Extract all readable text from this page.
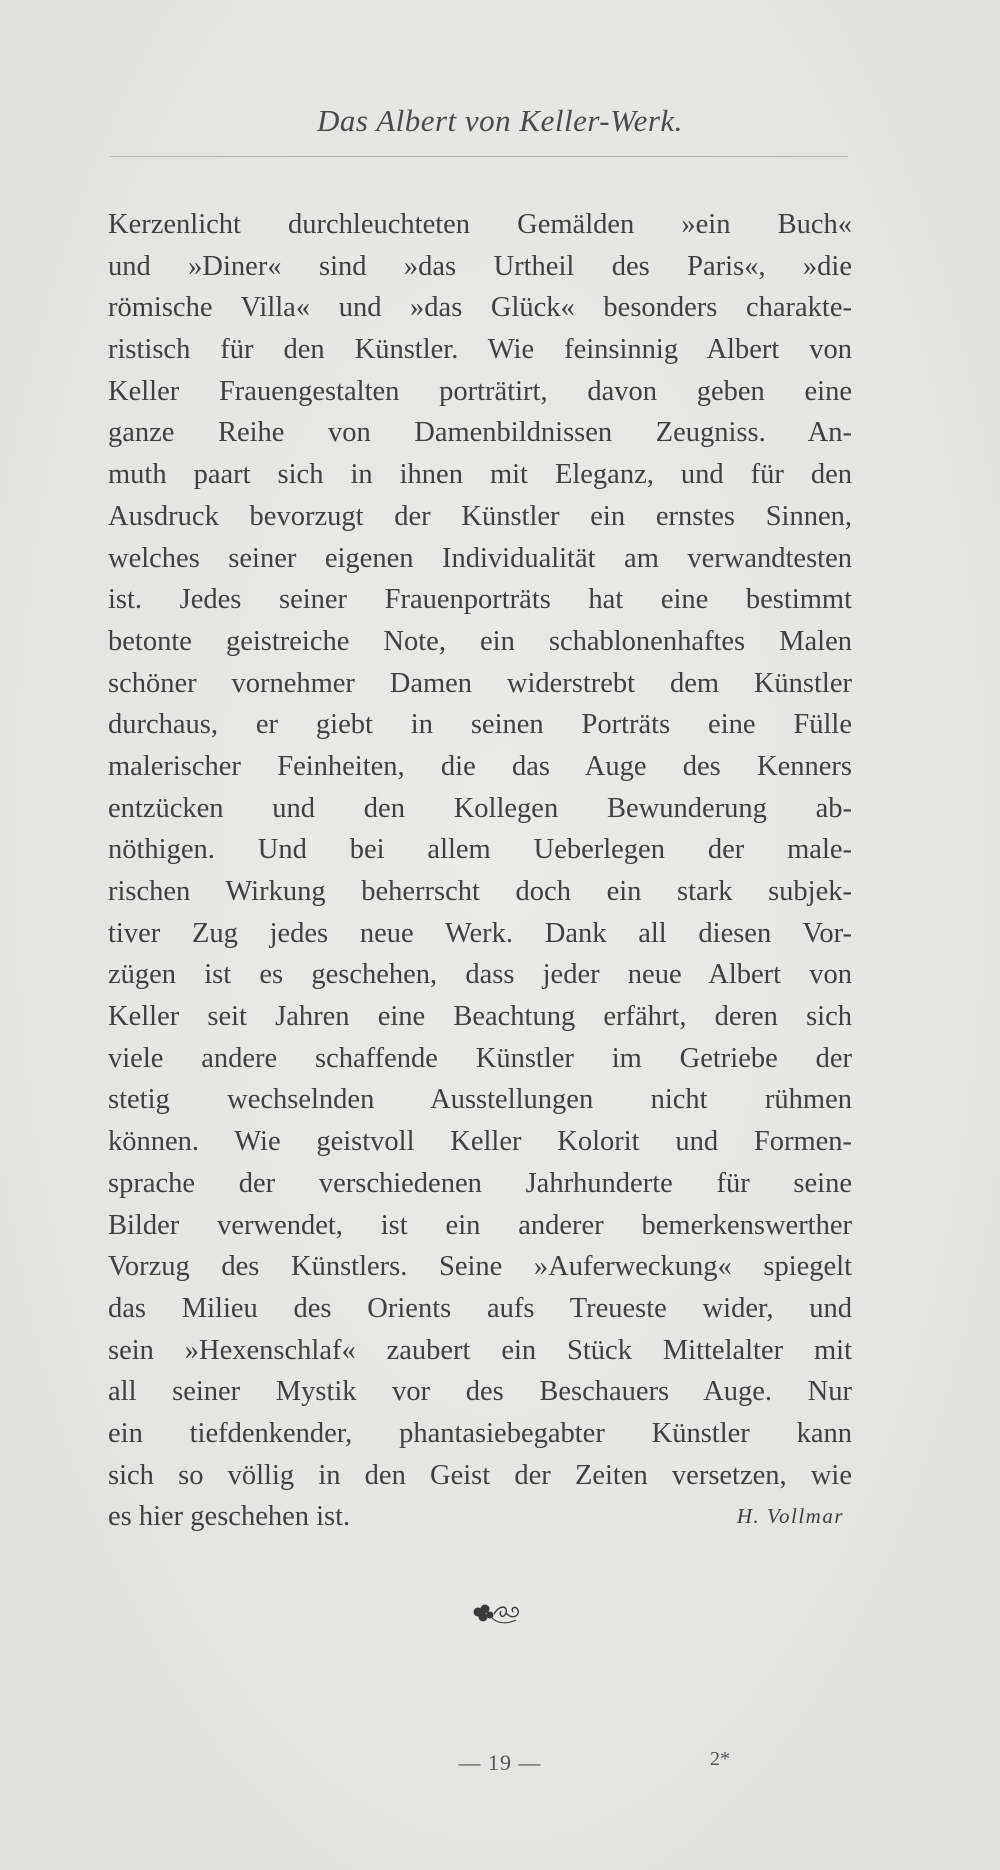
Das Albert von Keller-Werk.
Kerzenlicht durchleuchteten Gemälden »ein Buch«
und »Diner« sind »das Urtheil des Paris«, »die
römische Villa« und »das Glück« besonders charakte-
ristisch für den Künstler. Wie feinsinnig Albert von
Keller Frauengestalten porträtirt, davon geben eine
ganze Reihe von Damenbildnissen Zeugniss. An-
muth paart sich in ihnen mit Eleganz, und für den
Ausdruck bevorzugt der Künstler ein ernstes Sinnen,
welches seiner eigenen Individualität am verwandtesten
ist. Jedes seiner Frauenporträts hat eine bestimmt
betonte geistreiche Note, ein schablonenhaftes Malen
schöner vornehmer Damen widerstrebt dem Künstler
durchaus, er giebt in seinen Porträts eine Fülle
malerischer Feinheiten, die das Auge des Kenners
entzücken und den Kollegen Bewunderung ab-
nöthigen. Und bei allem Ueberlegen der male-
rischen Wirkung beherrscht doch ein stark subjek-
tiver Zug jedes neue Werk. Dank all diesen Vor-
zügen ist es geschehen, dass jeder neue Albert von
Keller seit Jahren eine Beachtung erfährt, deren sich
viele andere schaffende Künstler im Getriebe der
stetig wechselnden Ausstellungen nicht rühmen
können. Wie geistvoll Keller Kolorit und Formen-
sprache der verschiedenen Jahrhunderte für seine
Bilder verwendet, ist ein anderer bemerkenswerther
Vorzug des Künstlers. Seine »Auferweckung« spiegelt
das Milieu des Orients aufs Treueste wider, und
sein »Hexenschlaf« zaubert ein Stück Mittelalter mit
all seiner Mystik vor des Beschauers Auge. Nur
ein tiefdenkender, phantasiebegabter Künstler kann
sich so völlig in den Geist der Zeiten versetzen, wie
es hier geschehen ist.	H. Vollmar
— 19 —	2*
